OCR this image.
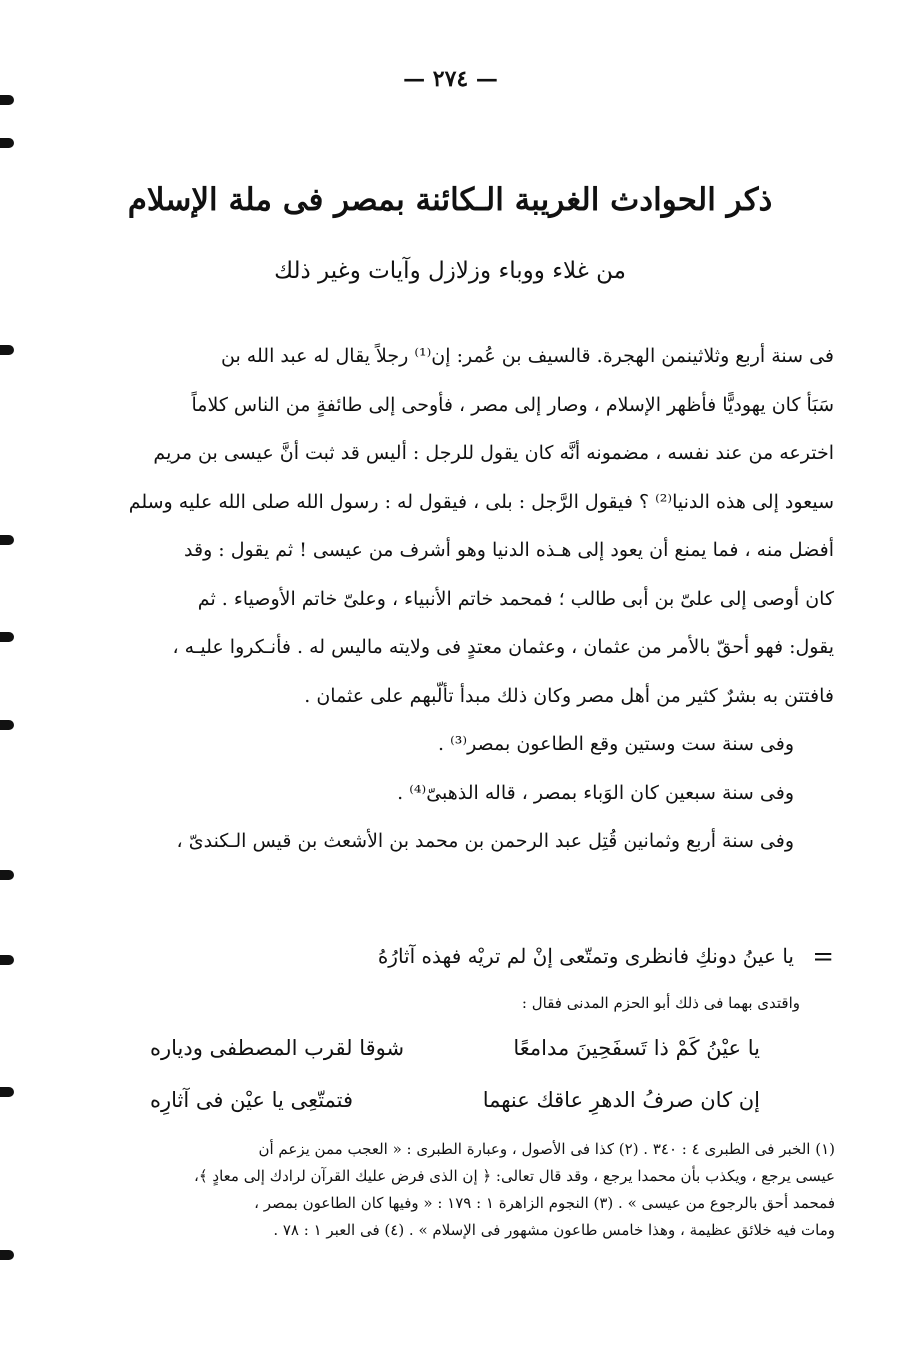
— ٢٧٤ —
ذكر الحوادث الغريبة الـكائنة بمصر فى ملة الإسلام
من غلاء ووباء وزلازل وآيات وغير ذلك
فى سنة أربع وثلاثينمن الهجرة. قالسيف بن عُمر: إن⁽¹⁾ رجلاً يقال له عبد الله بن
سَبَأ كان يهوديًّا فأظهر الإسلام ، وصار إلى مصر ، فأوحى إلى طائفةٍ من الناس كلاماً
اخترعه من عند نفسه ، مضمونه أنَّه كان يقول للرجل : أليس قد ثبت أنَّ عيسى بن مريم
سيعود إلى هذه الدنيا⁽²⁾ ؟ فيقول الرَّجل : بلى ، فيقول له : رسول الله صلى الله عليه وسلم
أفضل منه ، فما يمنع أن يعود إلى هـذه الدنيا وهو أشرف من عيسى ! ثم يقول : وقد
كان أوصى إلى علىّ بن أبى طالب ؛ فمحمد خاتم الأنبياء ، وعلىّ خاتم الأوصياء . ثم
يقول: فهو أحقّ بالأمر من عثمان ، وعثمان معتدٍ فى ولايته ماليس له . فأنـكروا عليـه ،
فافتتن به بشرٌ كثير من أهل مصر وكان ذلك مبدأ تألّبهم على عثمان .
وفى سنة ست وستين وقع الطاعون بمصر⁽³⁾ .
وفى سنة سبعين كان الوَباء بمصر ، قاله الذهبىّ⁽⁴⁾ .
وفى سنة أربع وثمانين قُتِل عبد الرحمن بن محمد بن الأشعث بن قيس الـكندىّ ،
=
يا عينُ دونكِ فانظرى وتمتّعى إنْ لم تريْه فهذه آثارُهُ
واقتدى بهما فى ذلك أبو الحزم المدنى فقال :
يا عيْنُ كَمْ ذا تَسفَحِينَ مدامعًا
شوقا لقرب المصطفى ودياره
إن كان صرفُ الدهرِ عاقك عنهما
فتمتّعِى يا عيْن فى آثارِه
(١) الخبر فى الطبرى ٤ : ٣٤٠ . (٢) كذا فى الأصول ، وعبارة الطبرى : « العجب ممن يزعم أن
عيسى يرجع ، ويكذب بأن محمدا يرجع ، وقد قال تعالى: ﴿ إن الذى فرض عليك القرآن لرادك إلى معادٍ ﴾،
فمحمد أحق بالرجوع من عيسى » . (٣) النجوم الزاهرة ١ : ١٧٩ : « وفيها كان الطاعون بمصر ،
ومات فيه خلائق عظيمة ، وهذا خامس طاعون مشهور فى الإسلام » . (٤) فى العبر ١ : ٧٨ .
